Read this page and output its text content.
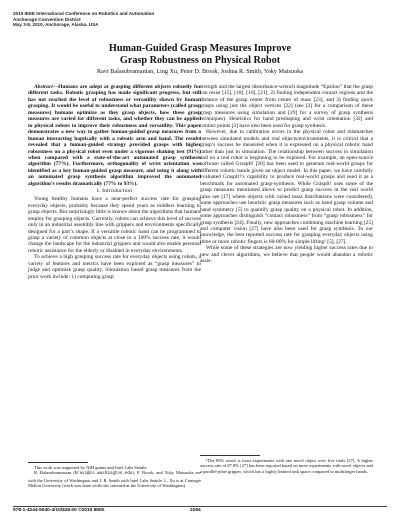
2010 IEEE International Conference on Robotics and Automation
Anchorage Convention District
May 3-8, 2010, Anchorage, Alaska, USA
Human-Guided Grasp Measures Improve
Grasp Robustness on Physical Robot
Ravi Balasubramanian, Ling Xu, Peter D. Brook, Joshua R. Smith, Yoky Matsuoka

Abstract—Humans are adept at grasping different objects robustly for different tasks. Robotic grasping has made significant progress, but still has not reached the level of robustness or versatility shown by human grasping. It would be useful to understand what parameters (called grasp measures) humans optimize as they grasp objects, how these grasp measures are varied for different tasks, and whether they can be applied to physical robots to improve their robustness and versatility. This paper demonstrates a new way to gather human-guided grasp measures from a human interacting haptically with a robotic arm and hand. The results revealed that a human-guided strategy provided grasps with higher robustness on a physical robot even under a vigorous shaking test (91%) when compared with a state-of-the-art automated grasp synthesis algorithm (77%). Furthermore, orthogonality of wrist orientation was identified as a key human-guided grasp measure, and using it along with an automated grasp synthesis algorithm improved the automated algorithm’s results dramatically (77% to 93%).

I. Introduction

Young healthy humans have a near-perfect success rate for grasping everyday objects, probably because they spend years as toddlers learning to grasp objects. But surprisingly little is known about the algorithms that humans employ for grasping objects. Currently, robots can achieve this level of success only in an industrial assembly line with grippers and environments specifically designed for a part’s shape. If a versatile robotic hand can be programmed to grasp a variety of common objects at close to a 100% success rate, it would change the landscape for the industrial grippers and would also enable personal robotic assistance for the elderly or disabled in everyday environments.

To achieve a high grasping success rate for everyday objects using robots, a variety of features and metrics have been explored as “grasp measures” to judge and optimize grasp quality. Simulation based grasp measures from the prior work include: 1) computing grasp

strength and the largest disturbance-wrench magnitude “Epsilon” that the grasp can resist [15], [10], [16], [21], 2) finding independent contact regions and the distance of the grasp center from center of mass [23], and 3) finding quick grasps using just the object vertices [22] (see [2] for a comparison of these grasp measures using simulation and [29] for a survey of grasp synthesis techniques). Heuristics for hand preshaping and wrist orientation [32] and contact points [3] have also been used for grasp synthesis.

However, due to calibration errors in the physical robot and mismatches between simulated models and real objects/environments, it is critical that a grasp’s success be measured when it is expressed on a physical robotic hand rather than just in simulation. The relationship between success in simulation and on a real robot is beginning to be explored. For example, an open-source software called GraspIt! [20] has been used to generate real-world grasps for different robotic hands given an object model. In this paper, we have carefully evaluated GraspIt!’s capability to produce real-world grasps and used it as a benchmark for automated grasp-synthesis. While GraspIt! uses some of the grasp measures mentioned above to predict grasp success in the real world (also see [17] where objects with varied mass distributions were considered), some approaches use heuristic grasp measures such as hand grasp volume and hand symmetry [5] to quantify grasp quality on a physical robot. In addition, some approaches distinguish “contact robustness” from “grasp robustness” for grasp synthesis [24]. Finally, new approaches combining machine learning [25] and computer vision [27] have also been used for grasp synthesis. To our knowledge, the best reported success rate for grasping everyday objects using three or more robotic fingers is 60-80% for simple lifting¹ [5], [27].

While some of these strategies are now yielding higher success rates due to new and clever algorithms, we believe that people would abandon a robotic assis-

This work was supported by NIH grants and Intel Labs Seattle.

R. Balasubramanian (bravi@cs.washington.edu), P. Brook, and Yoky Matsuoka are with the University of Washington and J. R. Smith with Intel Labs Seattle. L. Xu is at Carnegie Mellon University (work was done while she interned at the University of Washington).

¹The 80% result is from experiments with one novel object over five trials [27]. A higher success rate of 87.8% [27] has been reported based on more experiments with novel objects and a parallel-plate gripper, which has a highly limited task space compared to multifinger hands.

978-1-4244-5040-4/10/$26.00 ©2010 IEEE	2294
